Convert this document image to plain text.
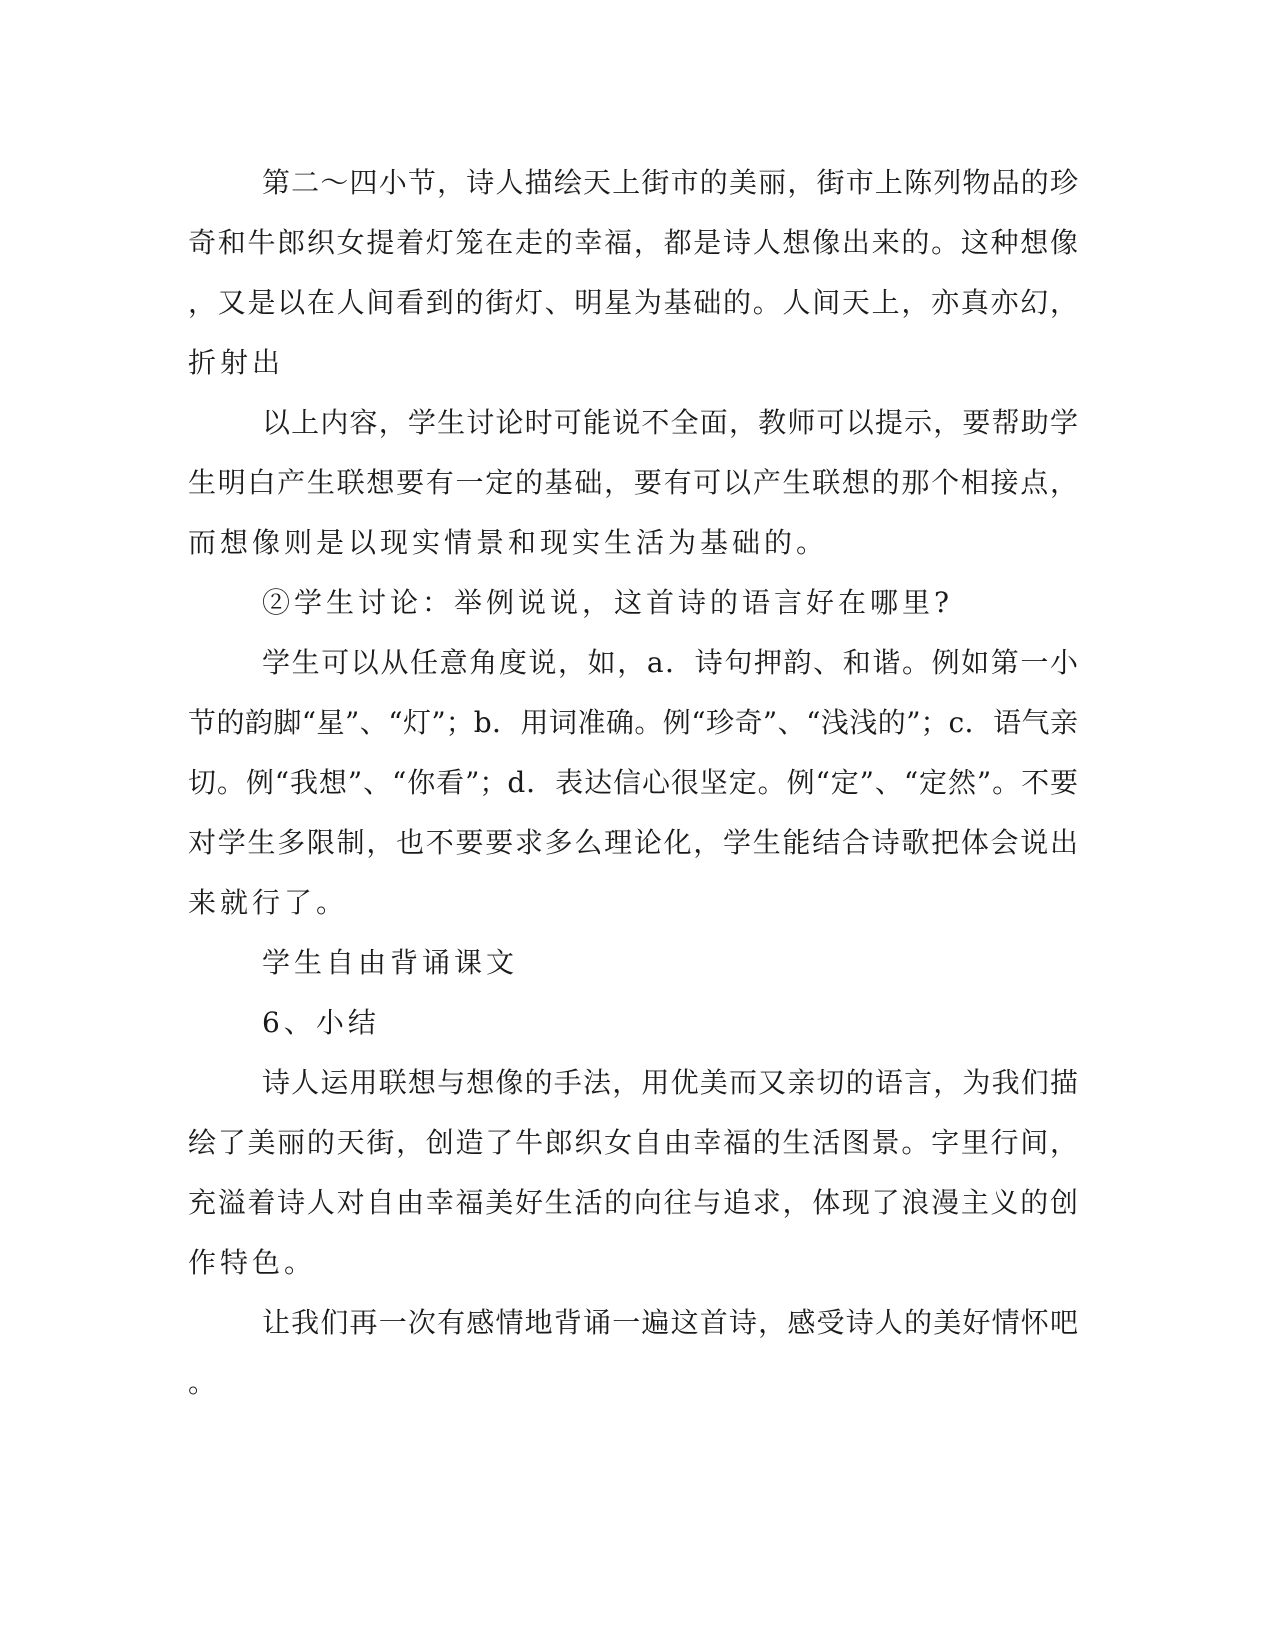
第二～四小节，诗人描绘天上街市的美丽，街市上陈列物品的珍
奇和牛郎织女提着灯笼在走的幸福，都是诗人想像出来的。这种想像
，又是以在人间看到的街灯、明星为基础的。人间天上，亦真亦幻，
折射出
以上内容，学生讨论时可能说不全面，教师可以提示，要帮助学
生明白产生联想要有一定的基础，要有可以产生联想的那个相接点，
而想像则是以现实情景和现实生活为基础的。
②学生讨论：举例说说，这首诗的语言好在哪里?
学生可以从任意角度说，如，a．诗句押韵、和谐。例如第一小
节的韵脚“星”、“灯”；b．用词准确。例“珍奇”、“浅浅的”；c．语气亲
切。例“我想”、“你看”；d．表达信心很坚定。例“定”、“定然”。不要
对学生多限制，也不要要求多么理论化，学生能结合诗歌把体会说出
来就行了。
学生自由背诵课文
6、小结
诗人运用联想与想像的手法，用优美而又亲切的语言，为我们描
绘了美丽的天街，创造了牛郎织女自由幸福的生活图景。字里行间，
充溢着诗人对自由幸福美好生活的向往与追求，体现了浪漫主义的创
作特色。
让我们再一次有感情地背诵一遍这首诗，感受诗人的美好情怀吧
。
